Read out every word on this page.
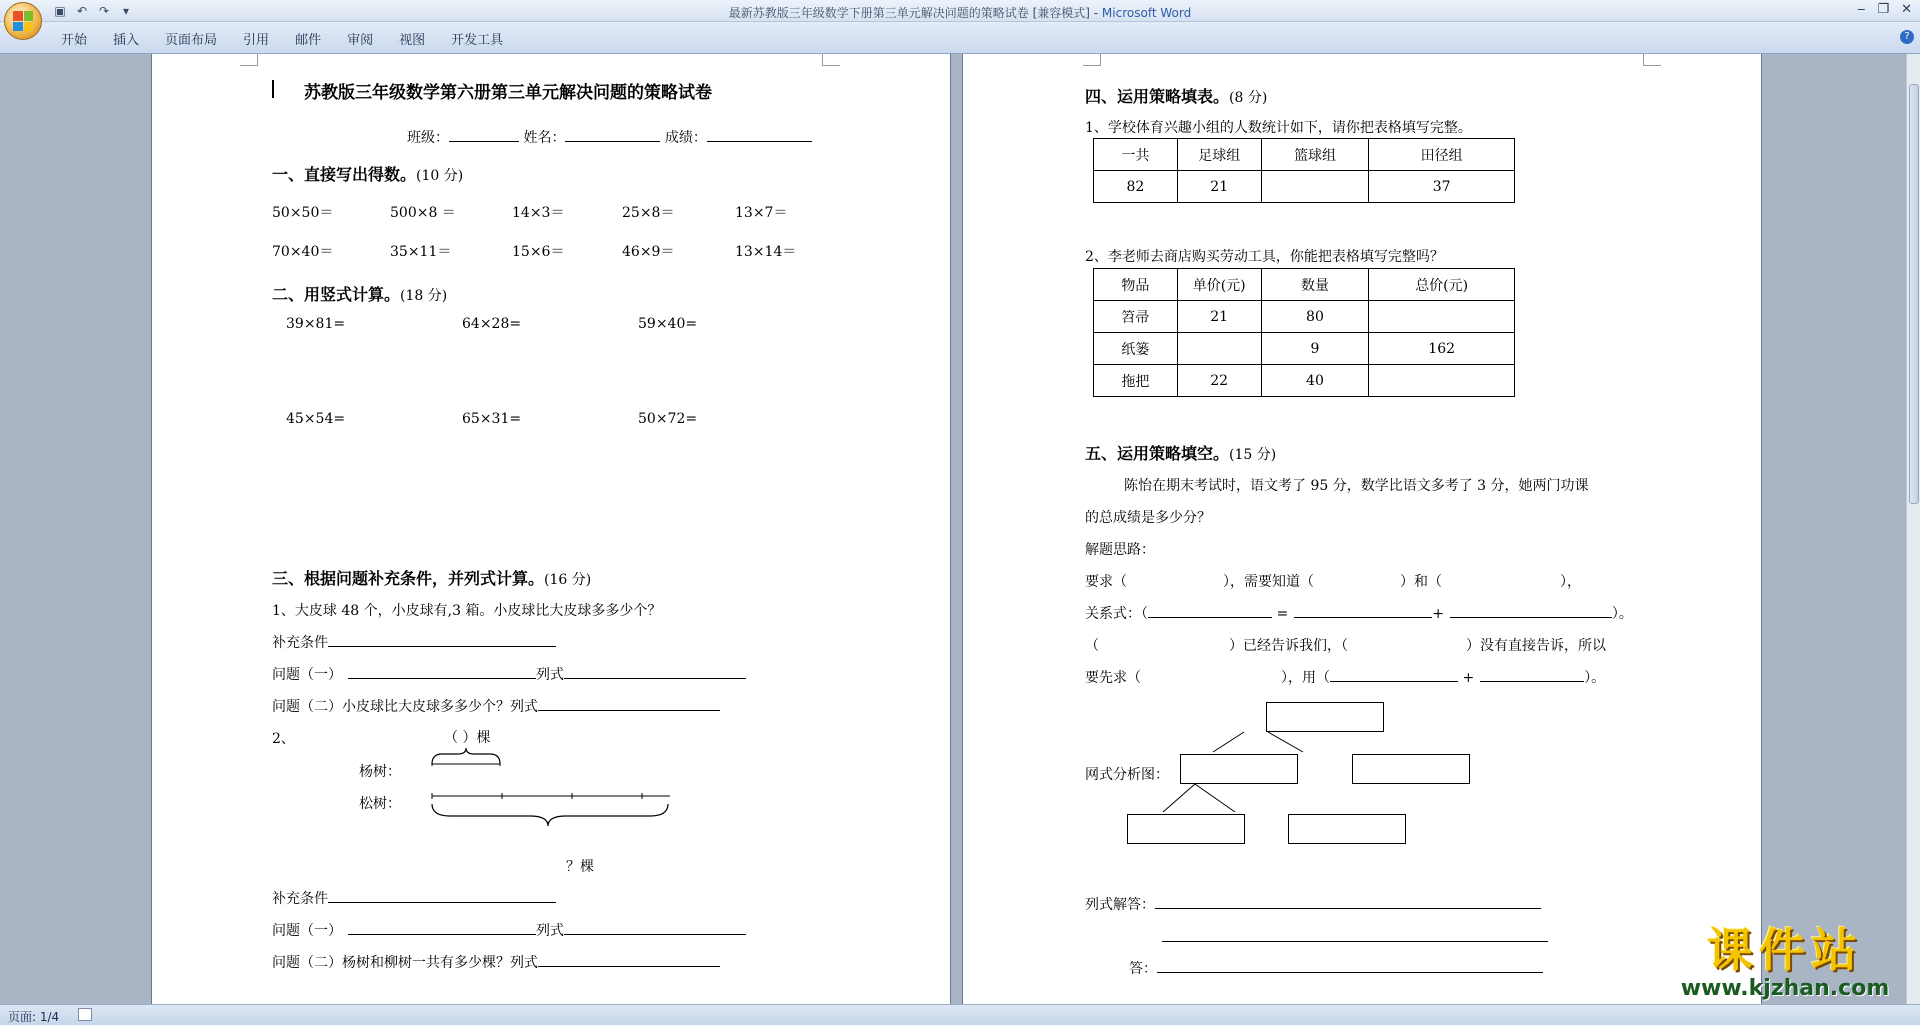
▣ ↶ ↷	▾	最新苏教版三年级数学下册第三单元解决问题的策略试卷 [兼容模式] - Microsoft Word	‒ ❐ ✕
开始	插入	页面布局	引用	邮件	审阅	视图	开发工具	?
苏教版三年级数学第六册第三单元解决问题的策略试卷
班级：	姓名：	成绩：
一、直接写出得数。(10 分)
50×50＝	500×8 ＝	14×3＝	25×8＝	13×7＝
70×40＝	35×11＝	15×6＝	46×9＝	13×14＝
二、用竖式计算。(18 分)
39×81=	64×28=	59×40=
45×54=	65×31=	50×72=
三、根据问题补充条件，并列式计算。(16 分)
1、大皮球 48 个，小皮球有,3 箱。小皮球比大皮球多多少个？
补充条件
问题（一）	列式
问题（二）小皮球比大皮球多多少个？列式
2、	（ ）棵
杨树：
松树：
？棵
补充条件
问题（一）	列式
问题（二）杨树和柳树一共有多少棵？列式
四、运用策略填表。(8 分)
1、学校体育兴趣小组的人数统计如下，请你把表格填写完整。
一共	足球组	篮球组	田径组
82	21		37
2、李老师去商店购买劳动工具，你能把表格填写完整吗？
物品	单价(元)	数量	总价(元)
笤帚	21	80	
纸篓		9	162
拖把	22	40	
五、运用策略填空。(15 分)
陈怡在期末考试时，语文考了 95 分，数学比语文多考了 3 分，她两门功课
的总成绩是多少分？
解题思路：
要求（	），需要知道（	）和（	），
关系式：（	=	+	）。
（	）已经告诉我们，（	）没有直接告诉，所以
要先求（	），用（	+	）。
网式分析图：
列式解答：
答：
页面: 1/4
课件站
www.kjzhan.com
